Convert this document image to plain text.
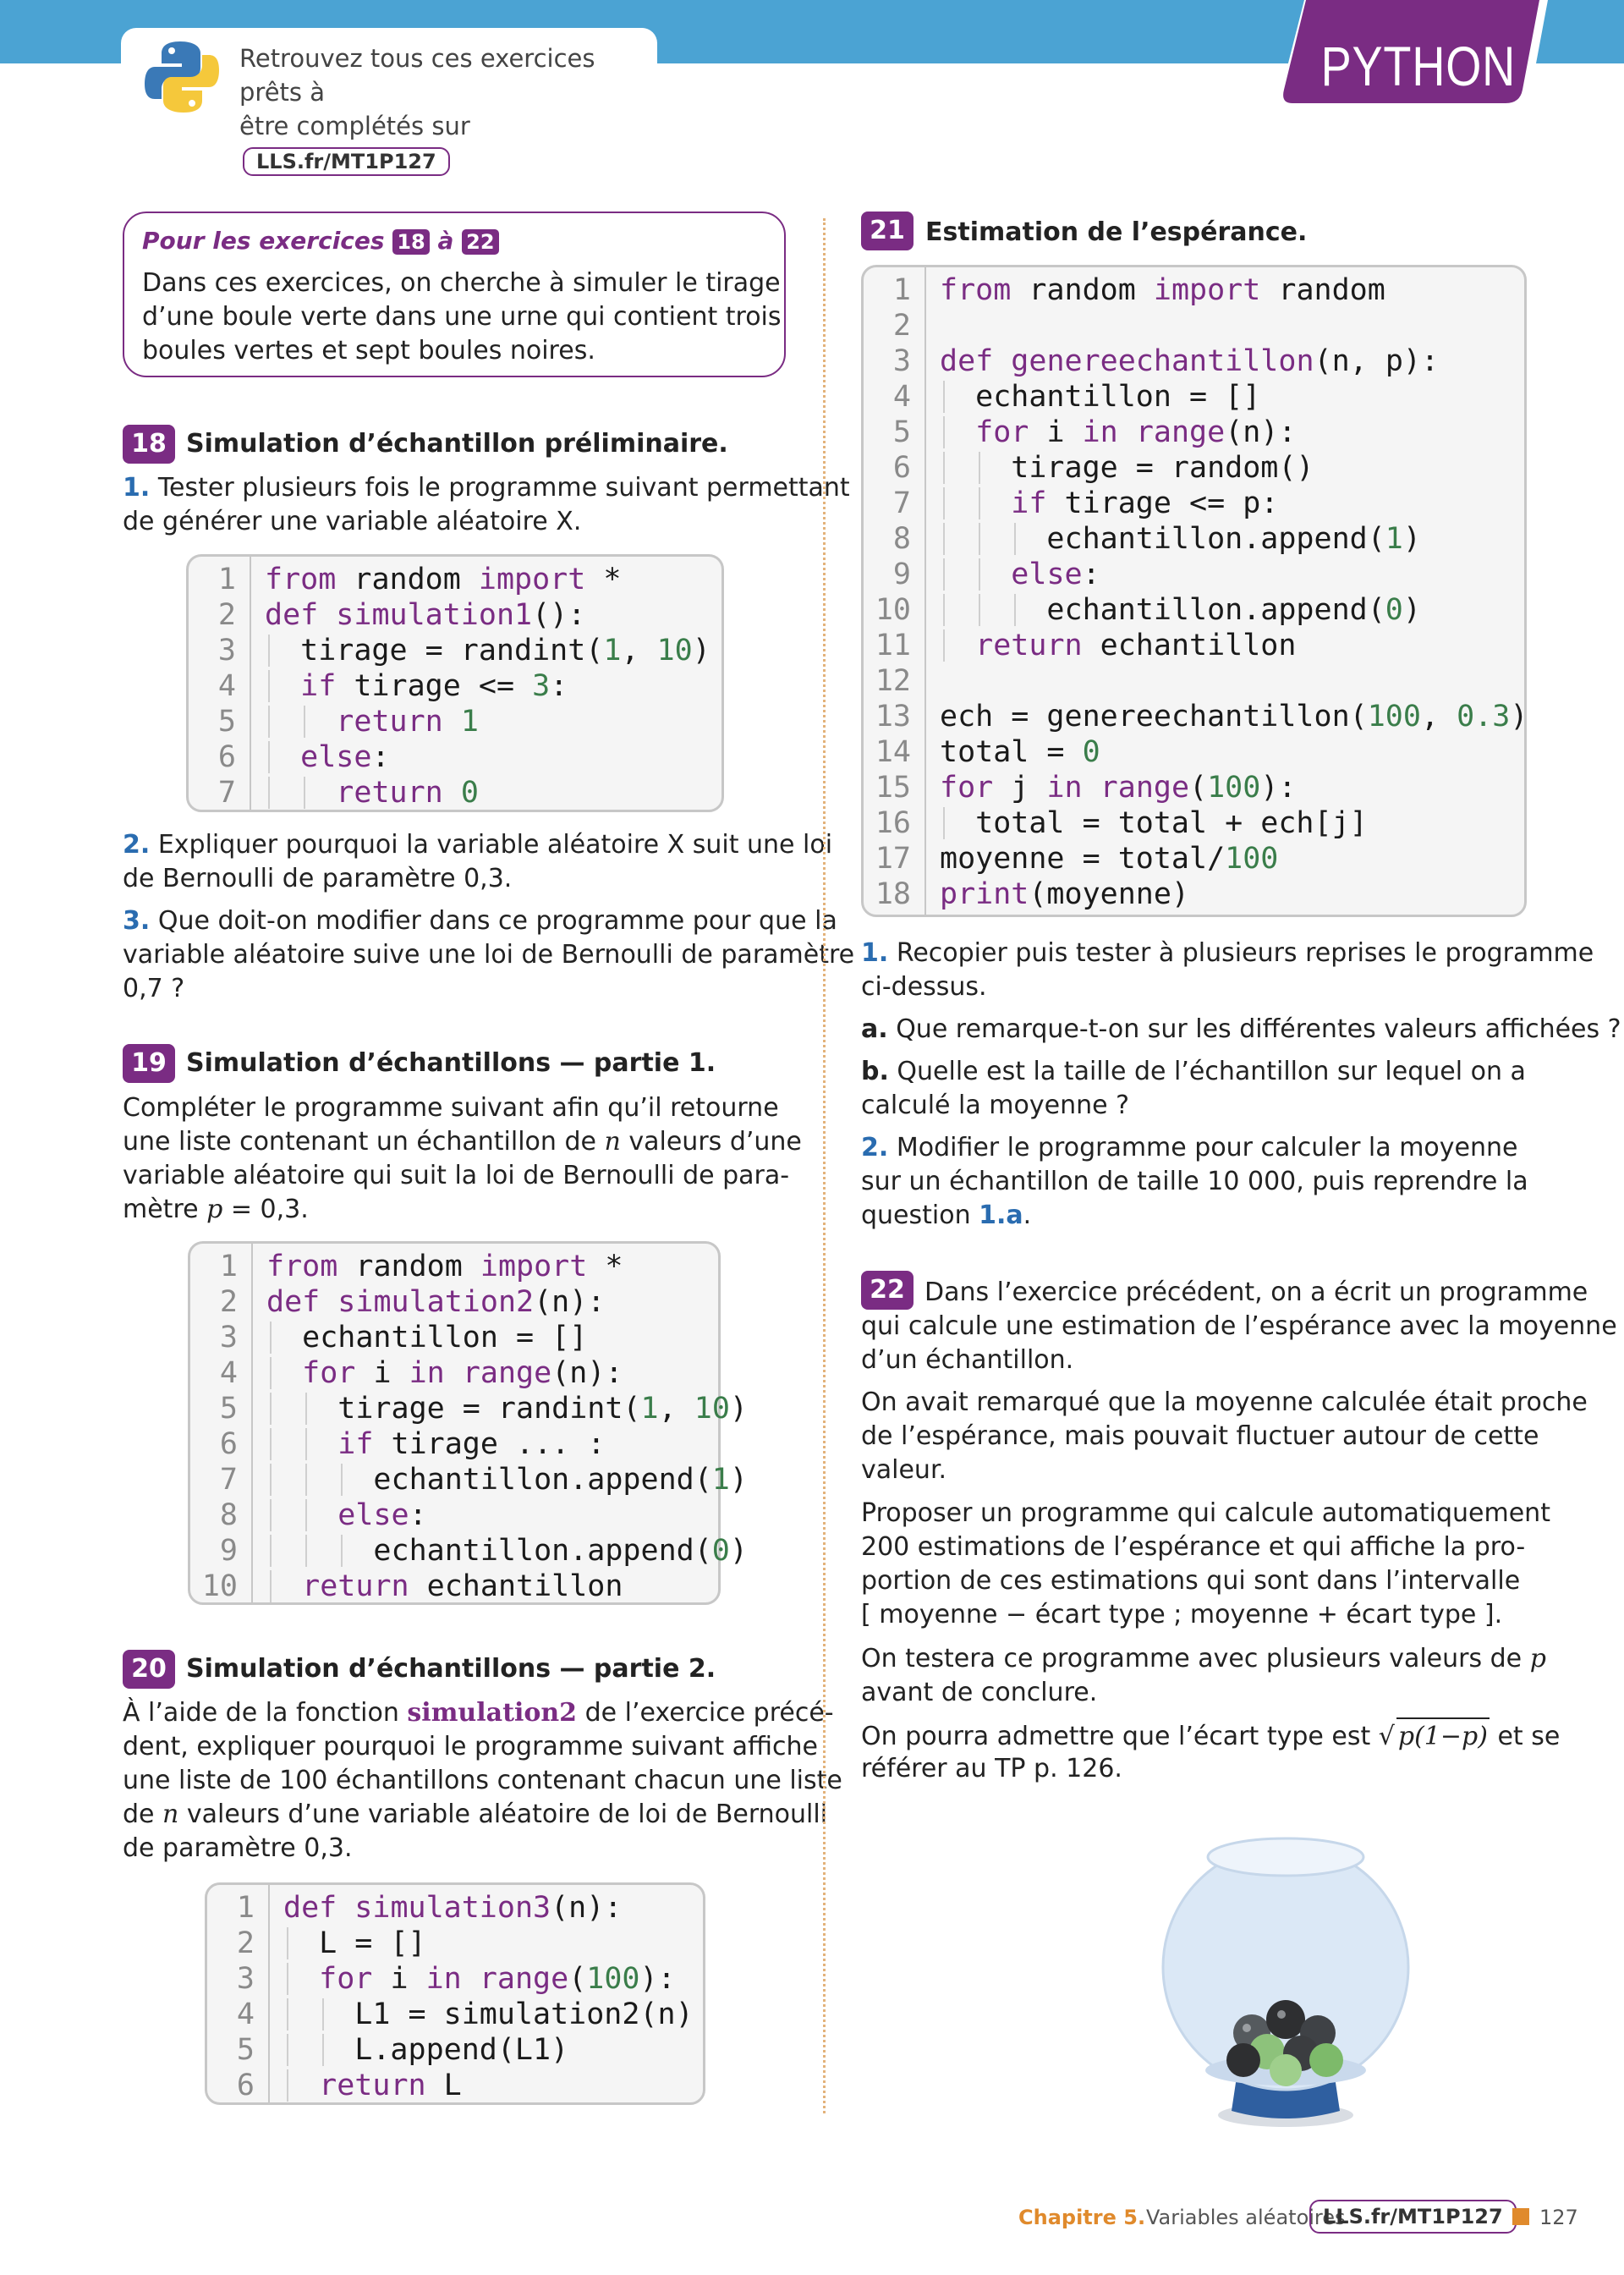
Retrouvez tous ces exercices prêts à
être complétés sur LLS.fr/MT1P127
PYTHON
Pour les exercices 18 à 22
Dans ces exercices, on cherche à simuler le tirage
d’une boule verte dans une urne qui contient trois
boules vertes et sept boules noires.
18 Simulation d’échantillon préliminaire.
1. Tester plusieurs fois le programme suivant permettant
de générer une variable aléatoire X.
1 from random import *
2 def simulation1():
3 tirage = randint(1, 10)
4	if tirage <= 3:
5	return 1
6	else:
7	return 0
2. Expliquer pourquoi la variable aléatoire X suit une loi
de Bernoulli de paramètre 0,3.
3. Que doit-on modifier dans ce programme pour que la
variable aléatoire suive une loi de Bernoulli de paramètre
0,7 ?
19 Simulation d’échantillons — partie 1.
Compléter le programme suivant afin qu’il retourne
une liste contenant un échantillon de n valeurs d’une
variable aléatoire qui suit la loi de Bernoulli de para-
mètre p = 0,3.
1 from random import *
2 def simulation2(n):
3 echantillon = []
4	for i in range(n):
5 tirage = randint(1, 10)
6	if tirage ... :
7 echantillon.append(1)
8	else:
9 echantillon.append(0)
10	return echantillon
20 Simulation d’échantillons — partie 2.
À l’aide de la fonction simulation2 de l’exercice précé-
dent, expliquer pourquoi le programme suivant affiche
une liste de 100 échantillons contenant chacun une liste
de n valeurs d’une variable aléatoire de loi de Bernoulli
de paramètre 0,3.
1 def simulation3(n):
2 L = []
3	for i in range(100):
4 L1 = simulation2(n)
5 L.append(L1)
6	return L
21 Estimation de l’espérance.
1 from random import random
2
3 def genereechantillon(n, p):
4 echantillon = []
5	for i in range(n):
6 tirage = random()
7	if tirage <= p:
8 echantillon.append(1)
9	else:
10 echantillon.append(0)
11	return echantillon
12
13 ech = genereechantillon(100, 0.3)
14 total = 0
15 for j in range(100):
16 total = total + ech[j]
17 moyenne = total/100
18 print(moyenne)
1. Recopier puis tester à plusieurs reprises le programme
ci-dessus.
a. Que remarque-t-on sur les différentes valeurs affichées ?
b. Quelle est la taille de l’échantillon sur lequel on a
calculé la moyenne ?
2. Modifier le programme pour calculer la moyenne
sur un échantillon de taille 10 000, puis reprendre la
question 1.a.
22 Dans l’exercice précédent, on a écrit un programme
qui calcule une estimation de l’espérance avec la moyenne
d’un échantillon.
On avait remarqué que la moyenne calculée était proche
de l’espérance, mais pouvait fluctuer autour de cette
valeur.
Proposer un programme qui calcule automatiquement
200 estimations de l’espérance et qui affiche la pro-
portion de ces estimations qui sont dans l’intervalle
[ moyenne − écart type ; moyenne + écart type ].
On testera ce programme avec plusieurs valeurs de p
avant de conclure.
On pourra admettre que l’écart type est √ p(1−p) et se
référer au TP p. 126.
Chapitre 5. Variables aléatoires
LLS.fr/MT1P127	127
